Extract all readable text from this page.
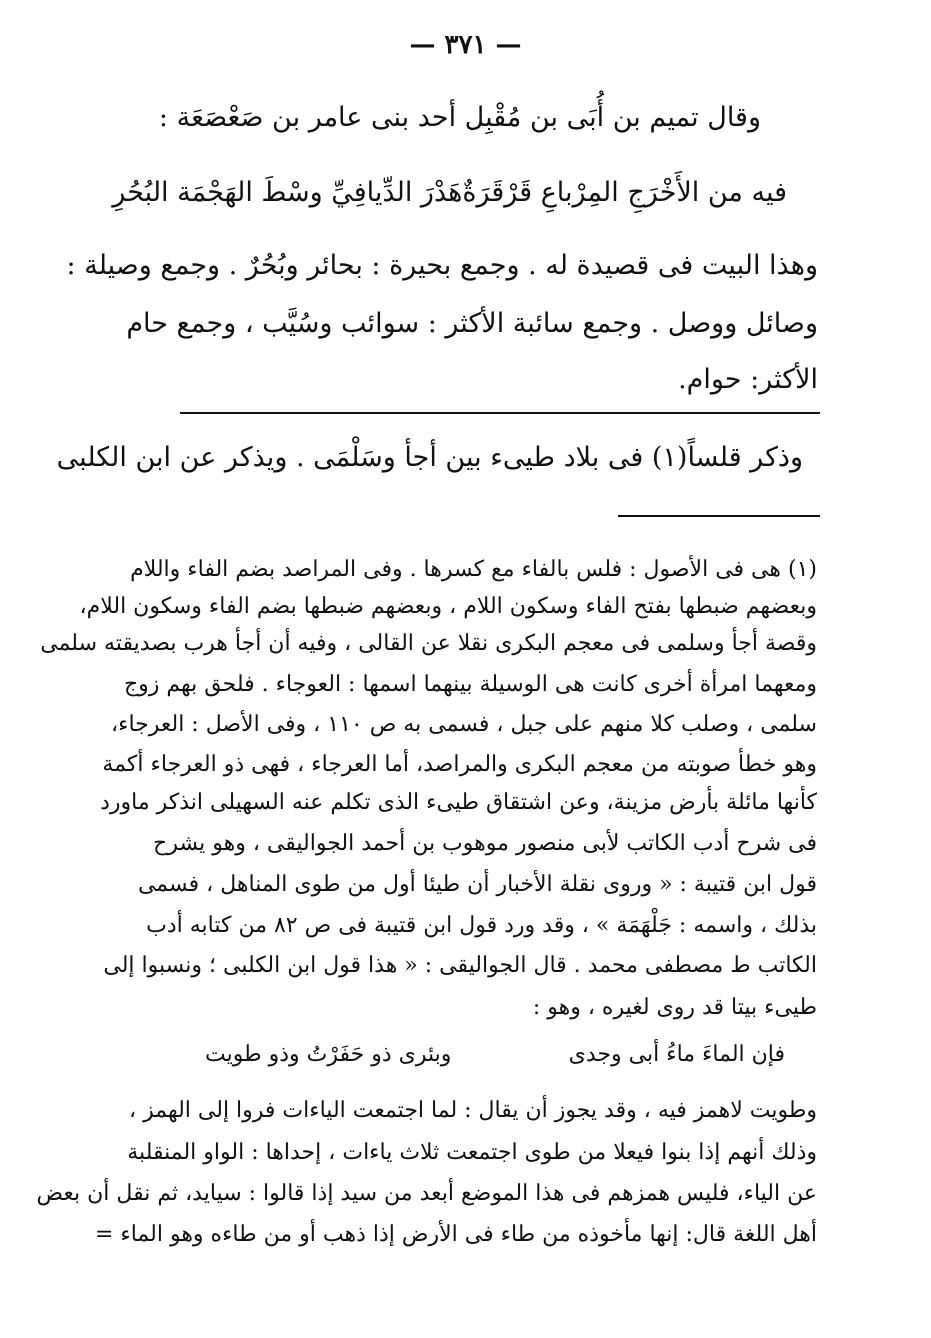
— ٣٧١ —
وقال تميم بن أُبَى بن مُقْبِل أحد بنى عامر بن صَعْصَعَة :
فيه من الأَخْرَجِ المِرْباعِ قَرْقَرَةٌ
هَدْرَ الدِّيافِيِّ وسْطَ الهَجْمَة البُحُرِ
وهذا البيت فى قصيدة له . وجمع بحيرة : بحائر وبُحُرٌ . وجمع وصيلة :
وصائل ووصل . وجمع سائبة الأكثر : سوائب وسُيَّب ، وجمع حام
الأكثر: حوام.
وذكر قلساً(١) فى بلاد طيىء بين أجأ وسَلْمَى . ويذكر عن ابن الكلبى
(١) هى فى الأصول : فلس بالفاء مع كسرها . وفى المراصد بضم الفاء واللام
وبعضهم ضبطها بفتح الفاء وسكون اللام ، وبعضهم ضبطها بضم الفاء وسكون اللام،
وقصة أجأ وسلمى فى معجم البكرى نقلا عن القالى ، وفيه أن أجأ هرب بصديقته سلمى
ومعهما امرأة أخرى كانت هى الوسيلة بينهما اسمها : العوجاء . فلحق بهم زوج
سلمى ، وصلب كلا منهم على جبل ، فسمى به ص ١١٠ ، وفى الأصل : العرجاء،
وهو خطأ صوبته من معجم البكرى والمراصد، أما العرجاء ، فهى ذو العرجاء أكمة
كأنها مائلة بأرض مزينة، وعن اشتقاق طيىء الذى تكلم عنه السهيلى انذكر ماورد
فى شرح أدب الكاتب لأبى منصور موهوب بن أحمد الجواليقى ، وهو يشرح
قول ابن قتيبة : « وروى نقلة الأخبار أن طيئا أول من طوى المناهل ، فسمى
بذلك ، واسمه : جَلْهَمَة » ، وقد ورد قول ابن قتيبة فى ص ٨٢ من كتابه أدب
الكاتب ط مصطفى محمد . قال الجواليقى : « هذا قول ابن الكلبى ؛ ونسبوا إلى
طيىء بيتا قد روى لغيره ، وهو :
فإن الماءَ ماءُ أبى وجدى
وبئرى ذو حَفَرْتُ وذو طويت
وطويت لاهمز فيه ، وقد يجوز أن يقال : لما اجتمعت الياءات فروا إلى الهمز ،
وذلك أنهم إذا بنوا فيعلا من طوى اجتمعت ثلاث ياءات ، إحداها : الواو المنقلبة
عن الياء، فليس همزهم فى هذا الموضع أبعد من سيد إذا قالوا : سيايد، ثم نقل أن بعض
أهل اللغة قال: إنها مأخوذه من طاء فى الأرض إذا ذهب أو من طاءه وهو الماء =
